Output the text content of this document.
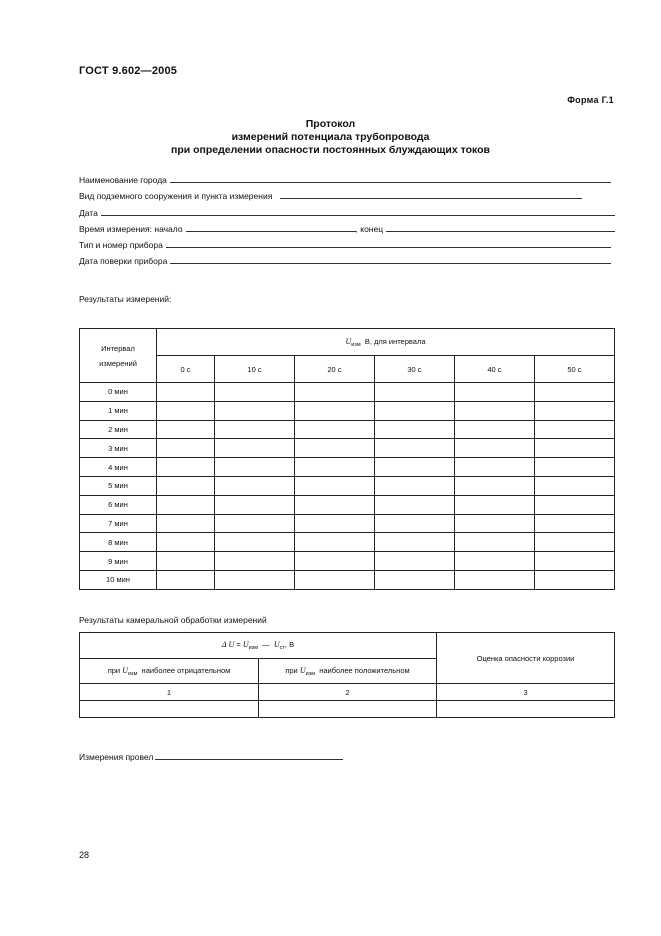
ГОСТ 9.602—2005
Форма Г.1
Протокол
измерений потенциала трубопровода
при определении опасности постоянных блуждающих токов
Наименование города
Вид подземного сооружения и пункта измерения
Дата
Время измерения: начало	, конец
Тип и номер прибора
Дата поверки прибора
Результаты измерений:
Интервал
измерений	$U_{изм}$ В, для интервала					
	0 с	10 с	20 с	30 с	40 с	50 с
0 мин						
1 мин						
2 мин						
3 мин						
4 мин						
5 мин						
6 мин						
7 мин						
8 мин						
9 мин						
10 мин						
Результаты камеральной обработки измерений
Δ $U = U_{изм}$ — $U_{ст}$, В		Оценка опасности коррозии
при $U_{изм}$ наиболее отрицательном	при $U_{изм}$ наиболее положительном	
1	2	3

Измерения провел
28
